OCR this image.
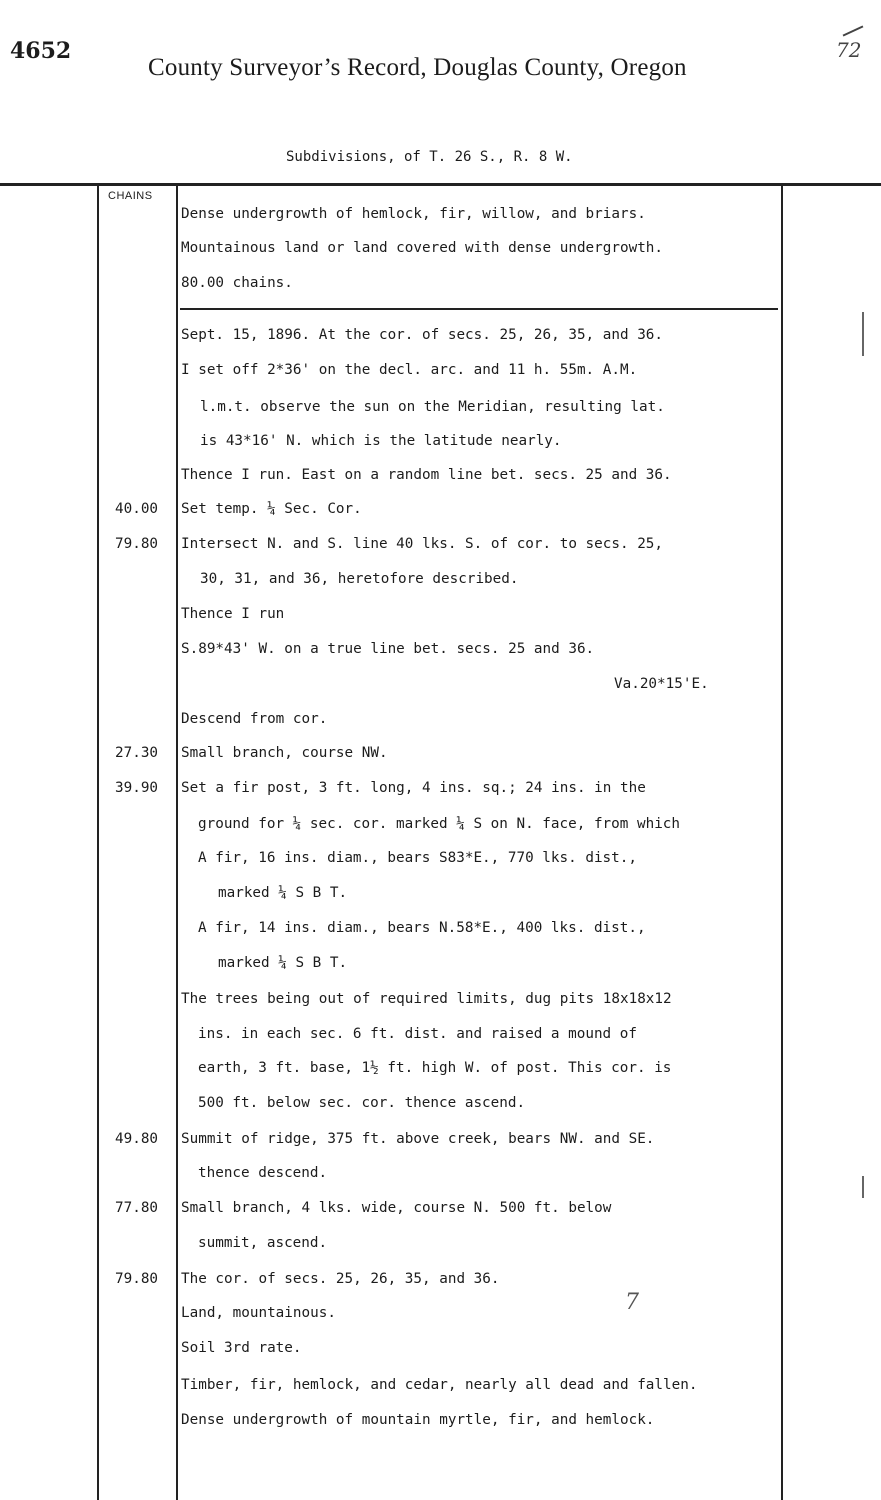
4652	72
County Surveyor’s Record, Douglas County, Oregon
Subdivisions, of T. 26 S., R. 8 W.
CHAINS
Dense undergrowth of hemlock, fir, willow, and briars.
Mountainous land or land covered with dense undergrowth.
80.00 chains.
Sept. 15, 1896. At the cor. of secs. 25, 26, 35, and 36.
I set off 2*36' on the decl. arc. and 11 h. 55m. A.M.
l.m.t. observe the sun on the Meridian, resulting lat.
is 43*16' N. which is the latitude nearly.
Thence I run. East on a random line bet. secs. 25 and 36.
Set temp. ¼ Sec. Cor.
40.00
Intersect N. and S. line 40 lks. S. of cor. to secs. 25,
79.80
30, 31, and 36, heretofore described.
Thence I run
S.89*43' W. on a true line bet. secs. 25 and 36.
Va.20*15'E.
Descend from cor.
Small branch, course NW.
27.30
Set a fir post, 3 ft. long, 4 ins. sq.; 24 ins. in the
39.90
ground for ¼ sec. cor. marked ¼ S on N. face, from which
A fir, 16 ins. diam., bears S83*E., 770 lks. dist.,
marked ¼ S B T.
A fir, 14 ins. diam., bears N.58*E., 400 lks. dist.,
marked ¼ S B T.
The trees being out of required limits, dug pits 18x18x12
ins. in each sec. 6 ft. dist. and raised a mound of
earth, 3 ft. base, 1½ ft. high W. of post. This cor. is
500 ft. below sec. cor. thence ascend.
Summit of ridge, 375 ft. above creek, bears NW. and SE.
49.80
thence descend.
Small branch, 4 lks. wide, course N. 500 ft. below
77.80
summit, ascend.
The cor. of secs. 25, 26, 35, and 36.
79.80
Land, mountainous.
Soil 3rd rate.
Timber, fir, hemlock, and cedar, nearly all dead and fallen.
Dense undergrowth of mountain myrtle, fir, and hemlock.
7
